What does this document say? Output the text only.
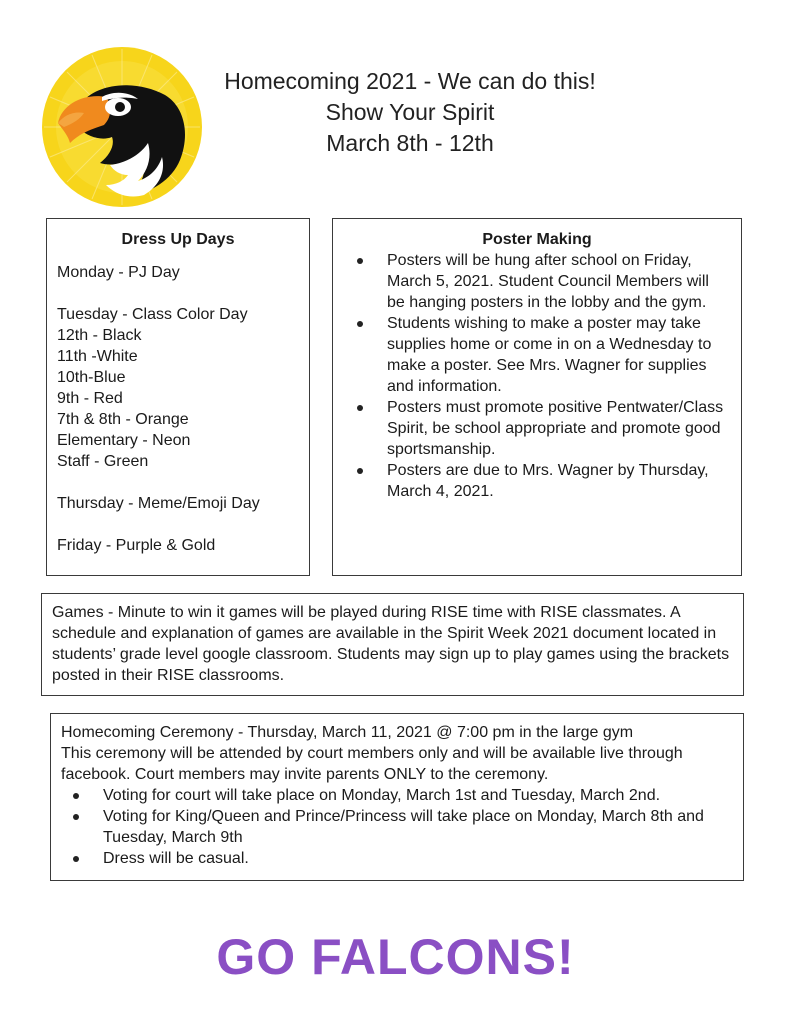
Homecoming 2021 - We can do this!
Show Your Spirit
March 8th - 12th
Dress Up Days
Monday - PJ Day
Tuesday - Class Color Day
12th - Black
11th -White
10th-Blue
9th - Red
7th & 8th - Orange
Elementary - Neon
Staff - Green
Thursday - Meme/Emoji Day
Friday - Purple & Gold
Poster Making
Posters will be hung after school on Friday, March 5, 2021. Student Council Members will be hanging posters in the lobby and the gym.
Students wishing to make a poster may take supplies home or come in on a Wednesday to make a poster. See Mrs. Wagner for supplies and information.
Posters must promote positive Pentwater/Class Spirit, be school appropriate and promote good sportsmanship.
Posters are due to Mrs. Wagner by Thursday, March 4, 2021.
Games - Minute to win it games will be played during RISE time with RISE classmates. A schedule and explanation of games are available in the Spirit Week 2021 document located in students’ grade level google classroom. Students may sign up to play games using the brackets posted in their RISE classrooms.
Homecoming Ceremony - Thursday, March 11, 2021 @ 7:00 pm in the large gym
This ceremony will be attended by court members only and will be available live through facebook. Court members may invite parents ONLY to the ceremony.
Voting for court will take place on Monday, March 1st and Tuesday, March 2nd.
Voting for King/Queen and Prince/Princess will take place on Monday, March 8th and Tuesday, March 9th
Dress will be casual.
GO FALCONS!
